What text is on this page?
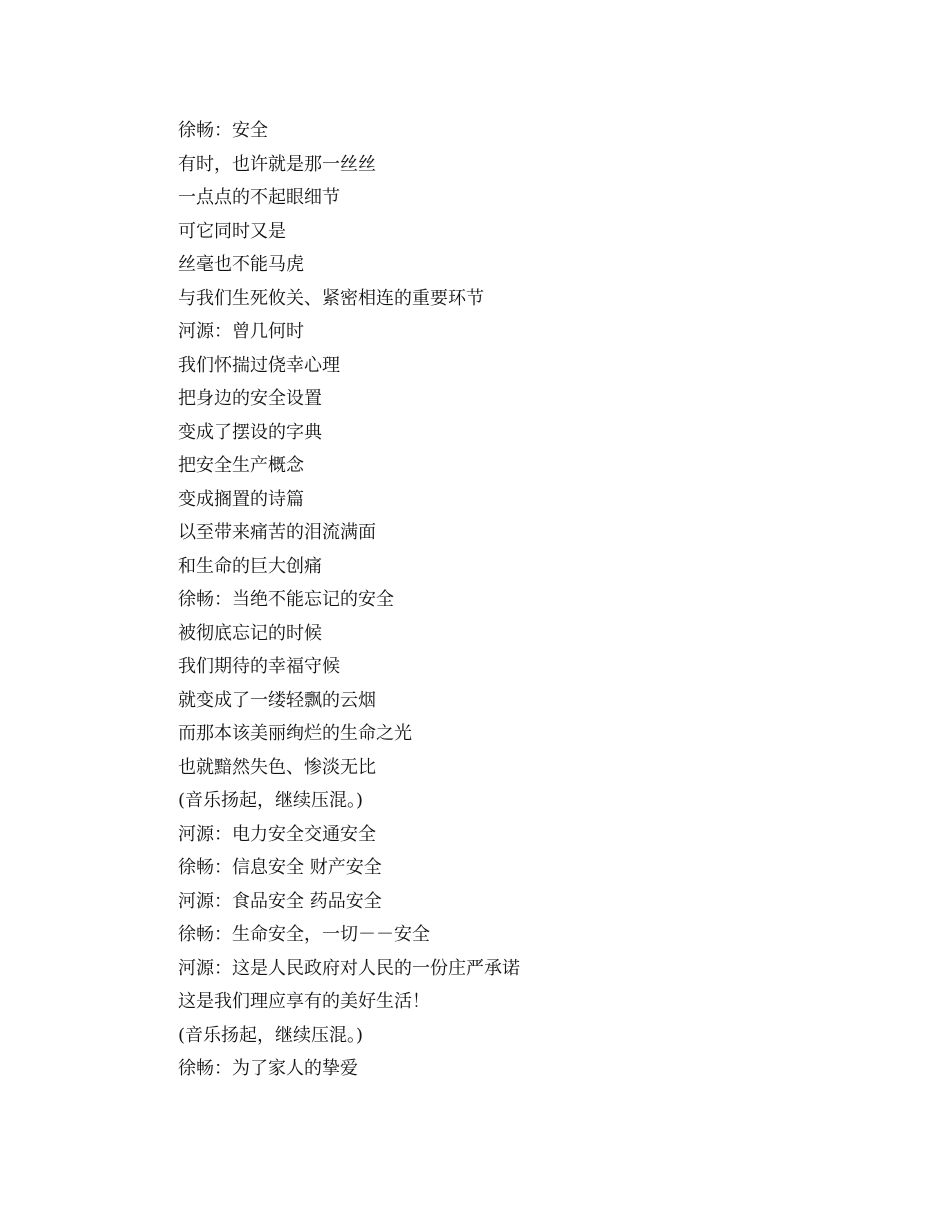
徐畅：安全
有时，也许就是那一丝丝
一点点的不起眼细节
可它同时又是
丝毫也不能马虎
与我们生死攸关、紧密相连的重要环节
河源：曾几何时
我们怀揣过侥幸心理
把身边的安全设置
变成了摆设的字典
把安全生产概念
变成搁置的诗篇
以至带来痛苦的泪流满面
和生命的巨大创痛
徐畅：当绝不能忘记的安全
被彻底忘记的时候
我们期待的幸福守候
就变成了一缕轻飘的云烟
而那本该美丽绚烂的生命之光
也就黯然失色、惨淡无比
(音乐扬起，继续压混。)
河源：电力安全交通安全
徐畅：信息安全 财产安全
河源：食品安全 药品安全
徐畅：生命安全，一切－－安全
河源：这是人民政府对人民的一份庄严承诺
这是我们理应享有的美好生活！
(音乐扬起，继续压混。)
徐畅：为了家人的挚爱
